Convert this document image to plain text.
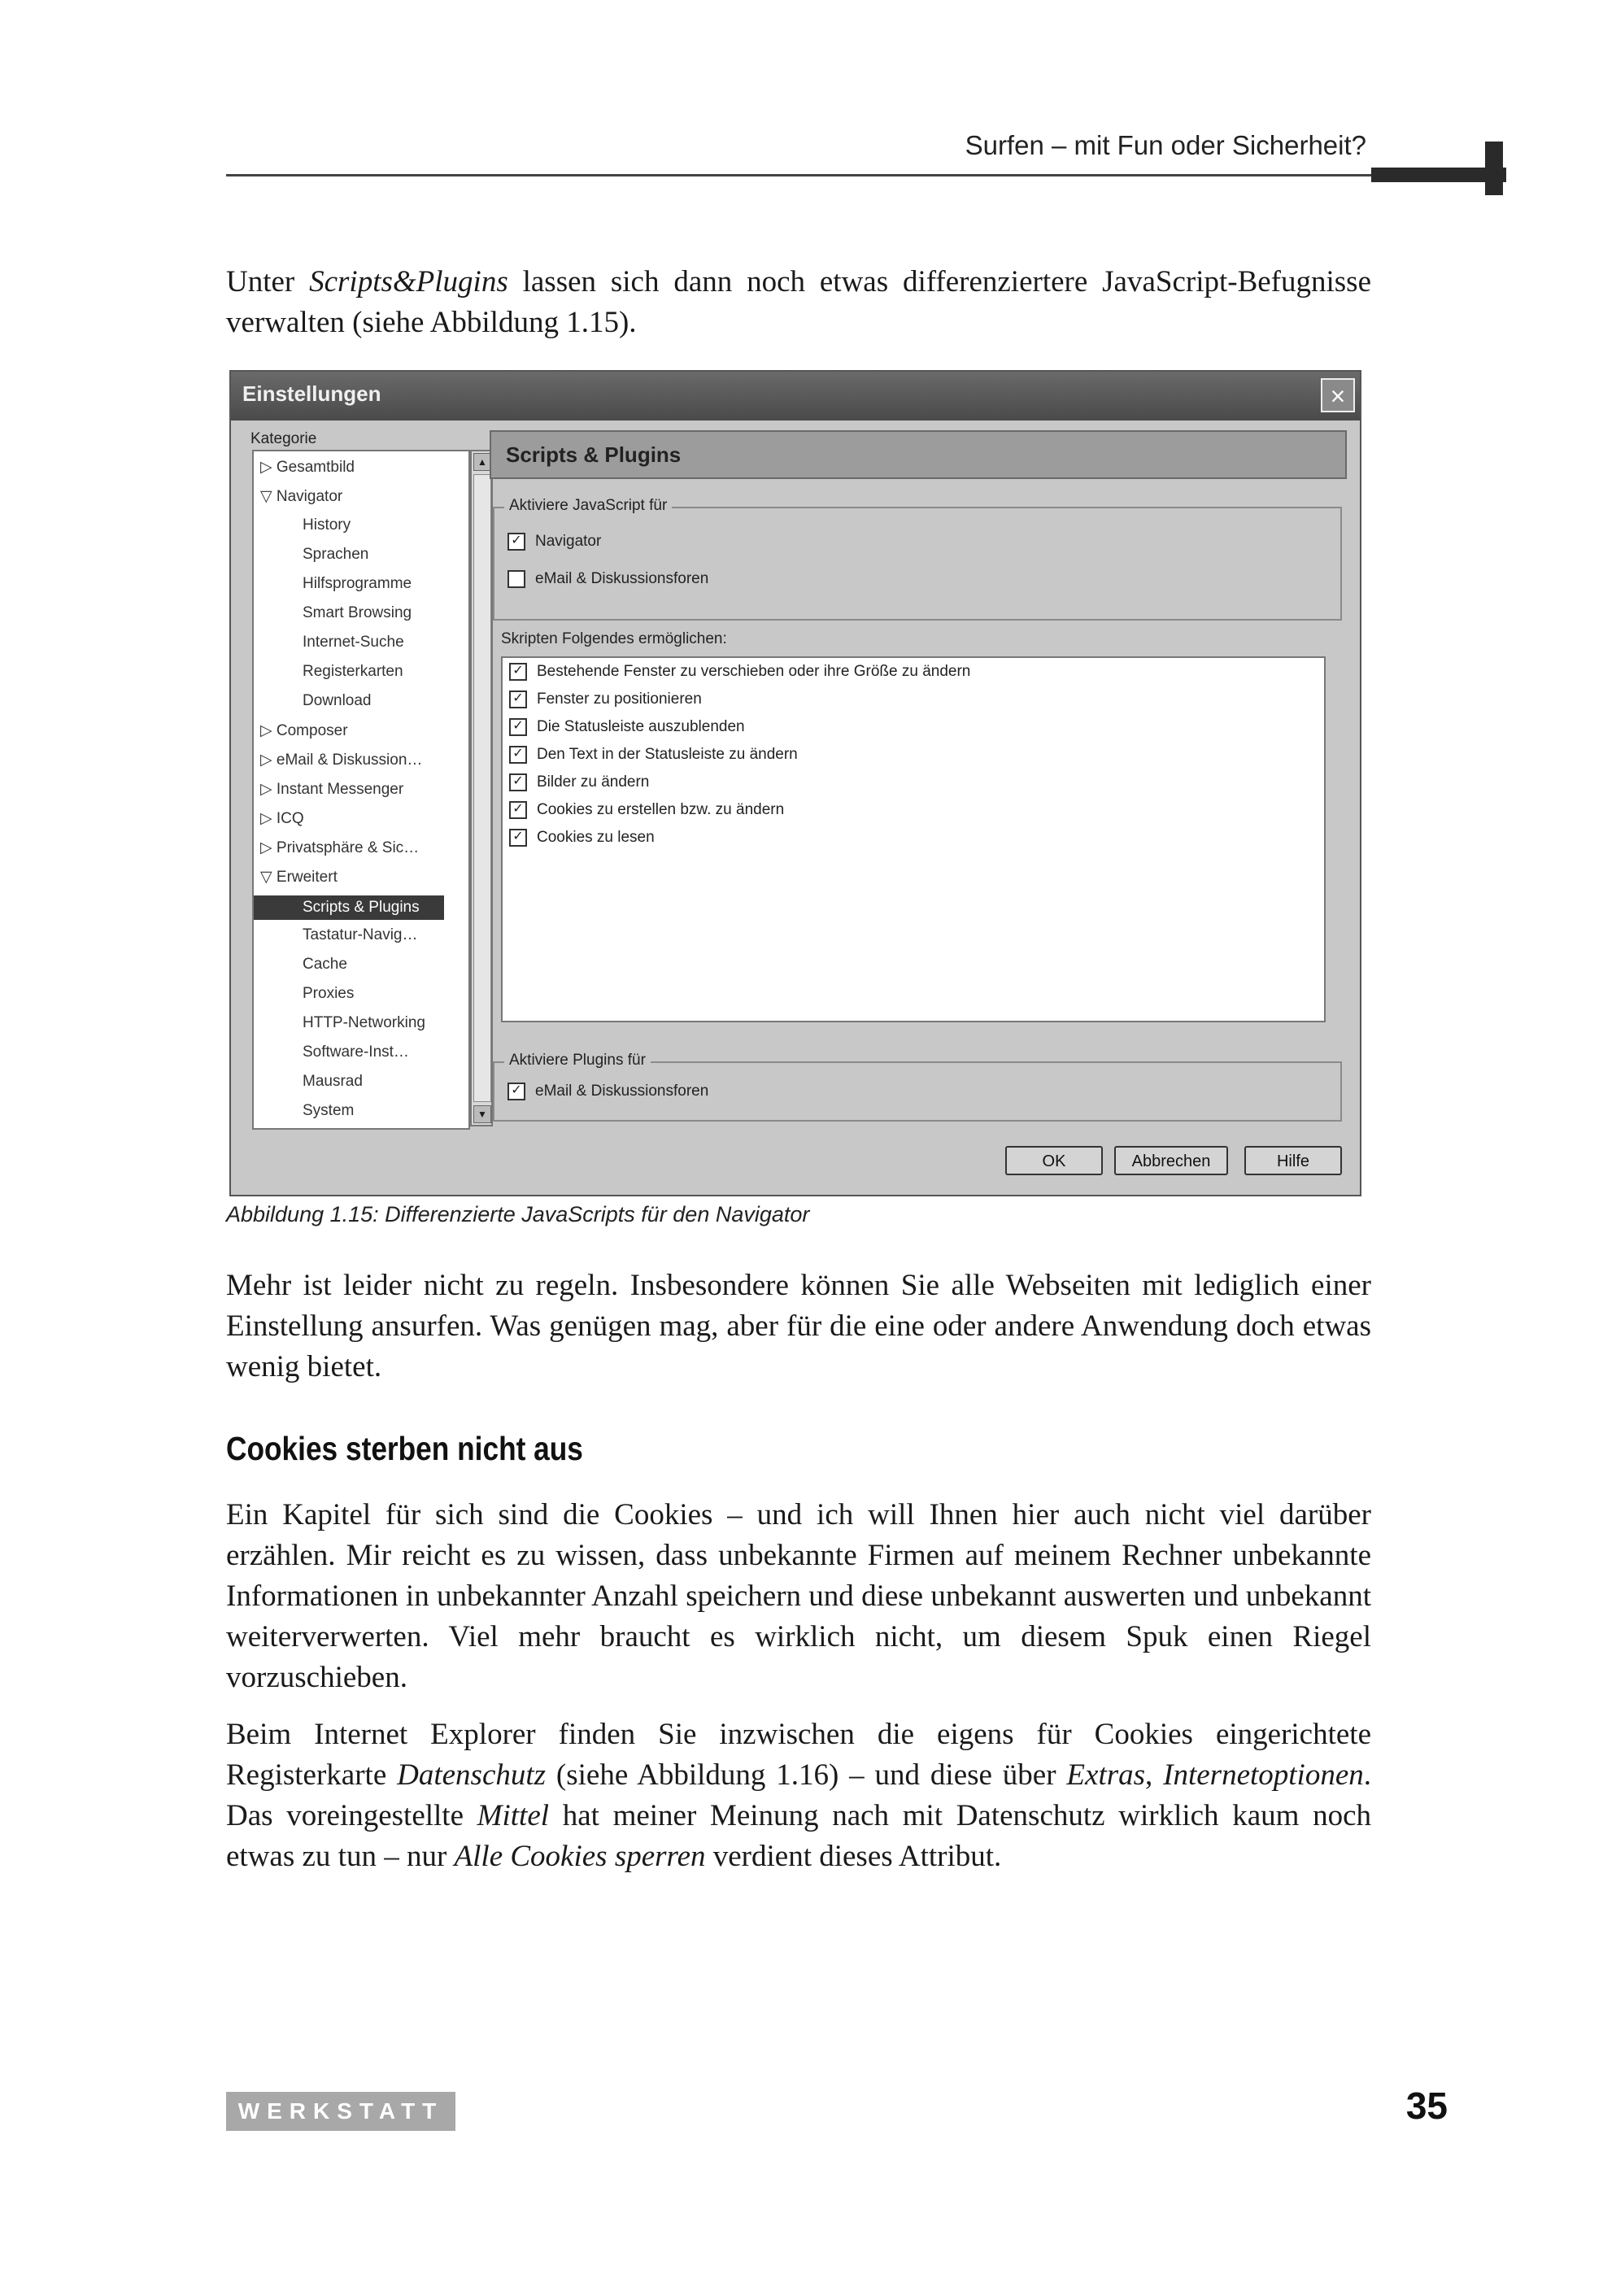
Surfen – mit Fun oder Sicherheit?
Unter Scripts&Plugins lassen sich dann noch etwas differenziertere JavaScript-Befugnisse verwalten (siehe Abbildung 1.15).
Einstellungen	×
Kategorie
▷ Gesamtbild
▽ Navigator
History
Sprachen
Hilfsprogramme
Smart Browsing
Internet-Suche
Registerkarten
Download
▷ Composer
▷ eMail & Diskussion…
▷ Instant Messenger
▷ ICQ
▷ Privatsphäre & Sic…
▽ Erweitert
Scripts & Plugins
Tastatur-Navig…
Cache
Proxies
HTTP-Networking
Software-Inst…
Mausrad
System
▲
▼
Scripts & Plugins
Aktiviere JavaScript für
✓ Navigator
eMail & Diskussionsforen
Skripten Folgendes ermöglichen:
✓ Bestehende Fenster zu verschieben oder ihre Größe zu ändern
✓ Fenster zu positionieren
✓ Die Statusleiste auszublenden
✓ Den Text in der Statusleiste zu ändern
✓ Bilder zu ändern
✓ Cookies zu erstellen bzw. zu ändern
✓ Cookies zu lesen
Aktiviere Plugins für
✓ eMail & Diskussionsforen
OK	Abbrechen	Hilfe
Abbildung 1.15: Differenzierte JavaScripts für den Navigator
Mehr ist leider nicht zu regeln. Insbesondere können Sie alle Webseiten mit lediglich einer Einstellung ansurfen. Was genügen mag, aber für die eine oder andere Anwendung doch etwas wenig bietet.
Cookies sterben nicht aus
Ein Kapitel für sich sind die Cookies – und ich will Ihnen hier auch nicht viel darüber erzählen. Mir reicht es zu wissen, dass unbekannte Firmen auf meinem Rechner unbekannte Informationen in unbekannter Anzahl speichern und diese unbekannt auswerten und unbekannt weiterverwerten. Viel mehr braucht es wirklich nicht, um diesem Spuk einen Riegel vorzuschieben.
Beim Internet Explorer finden Sie inzwischen die eigens für Cookies eingerichtete Registerkarte Datenschutz (siehe Abbildung 1.16) – und diese über Extras, Internetoptionen. Das voreingestellte Mittel hat meiner Meinung nach mit Datenschutz wirklich kaum noch etwas zu tun – nur Alle Cookies sperren verdient dieses Attribut.
WERKSTATT	35
